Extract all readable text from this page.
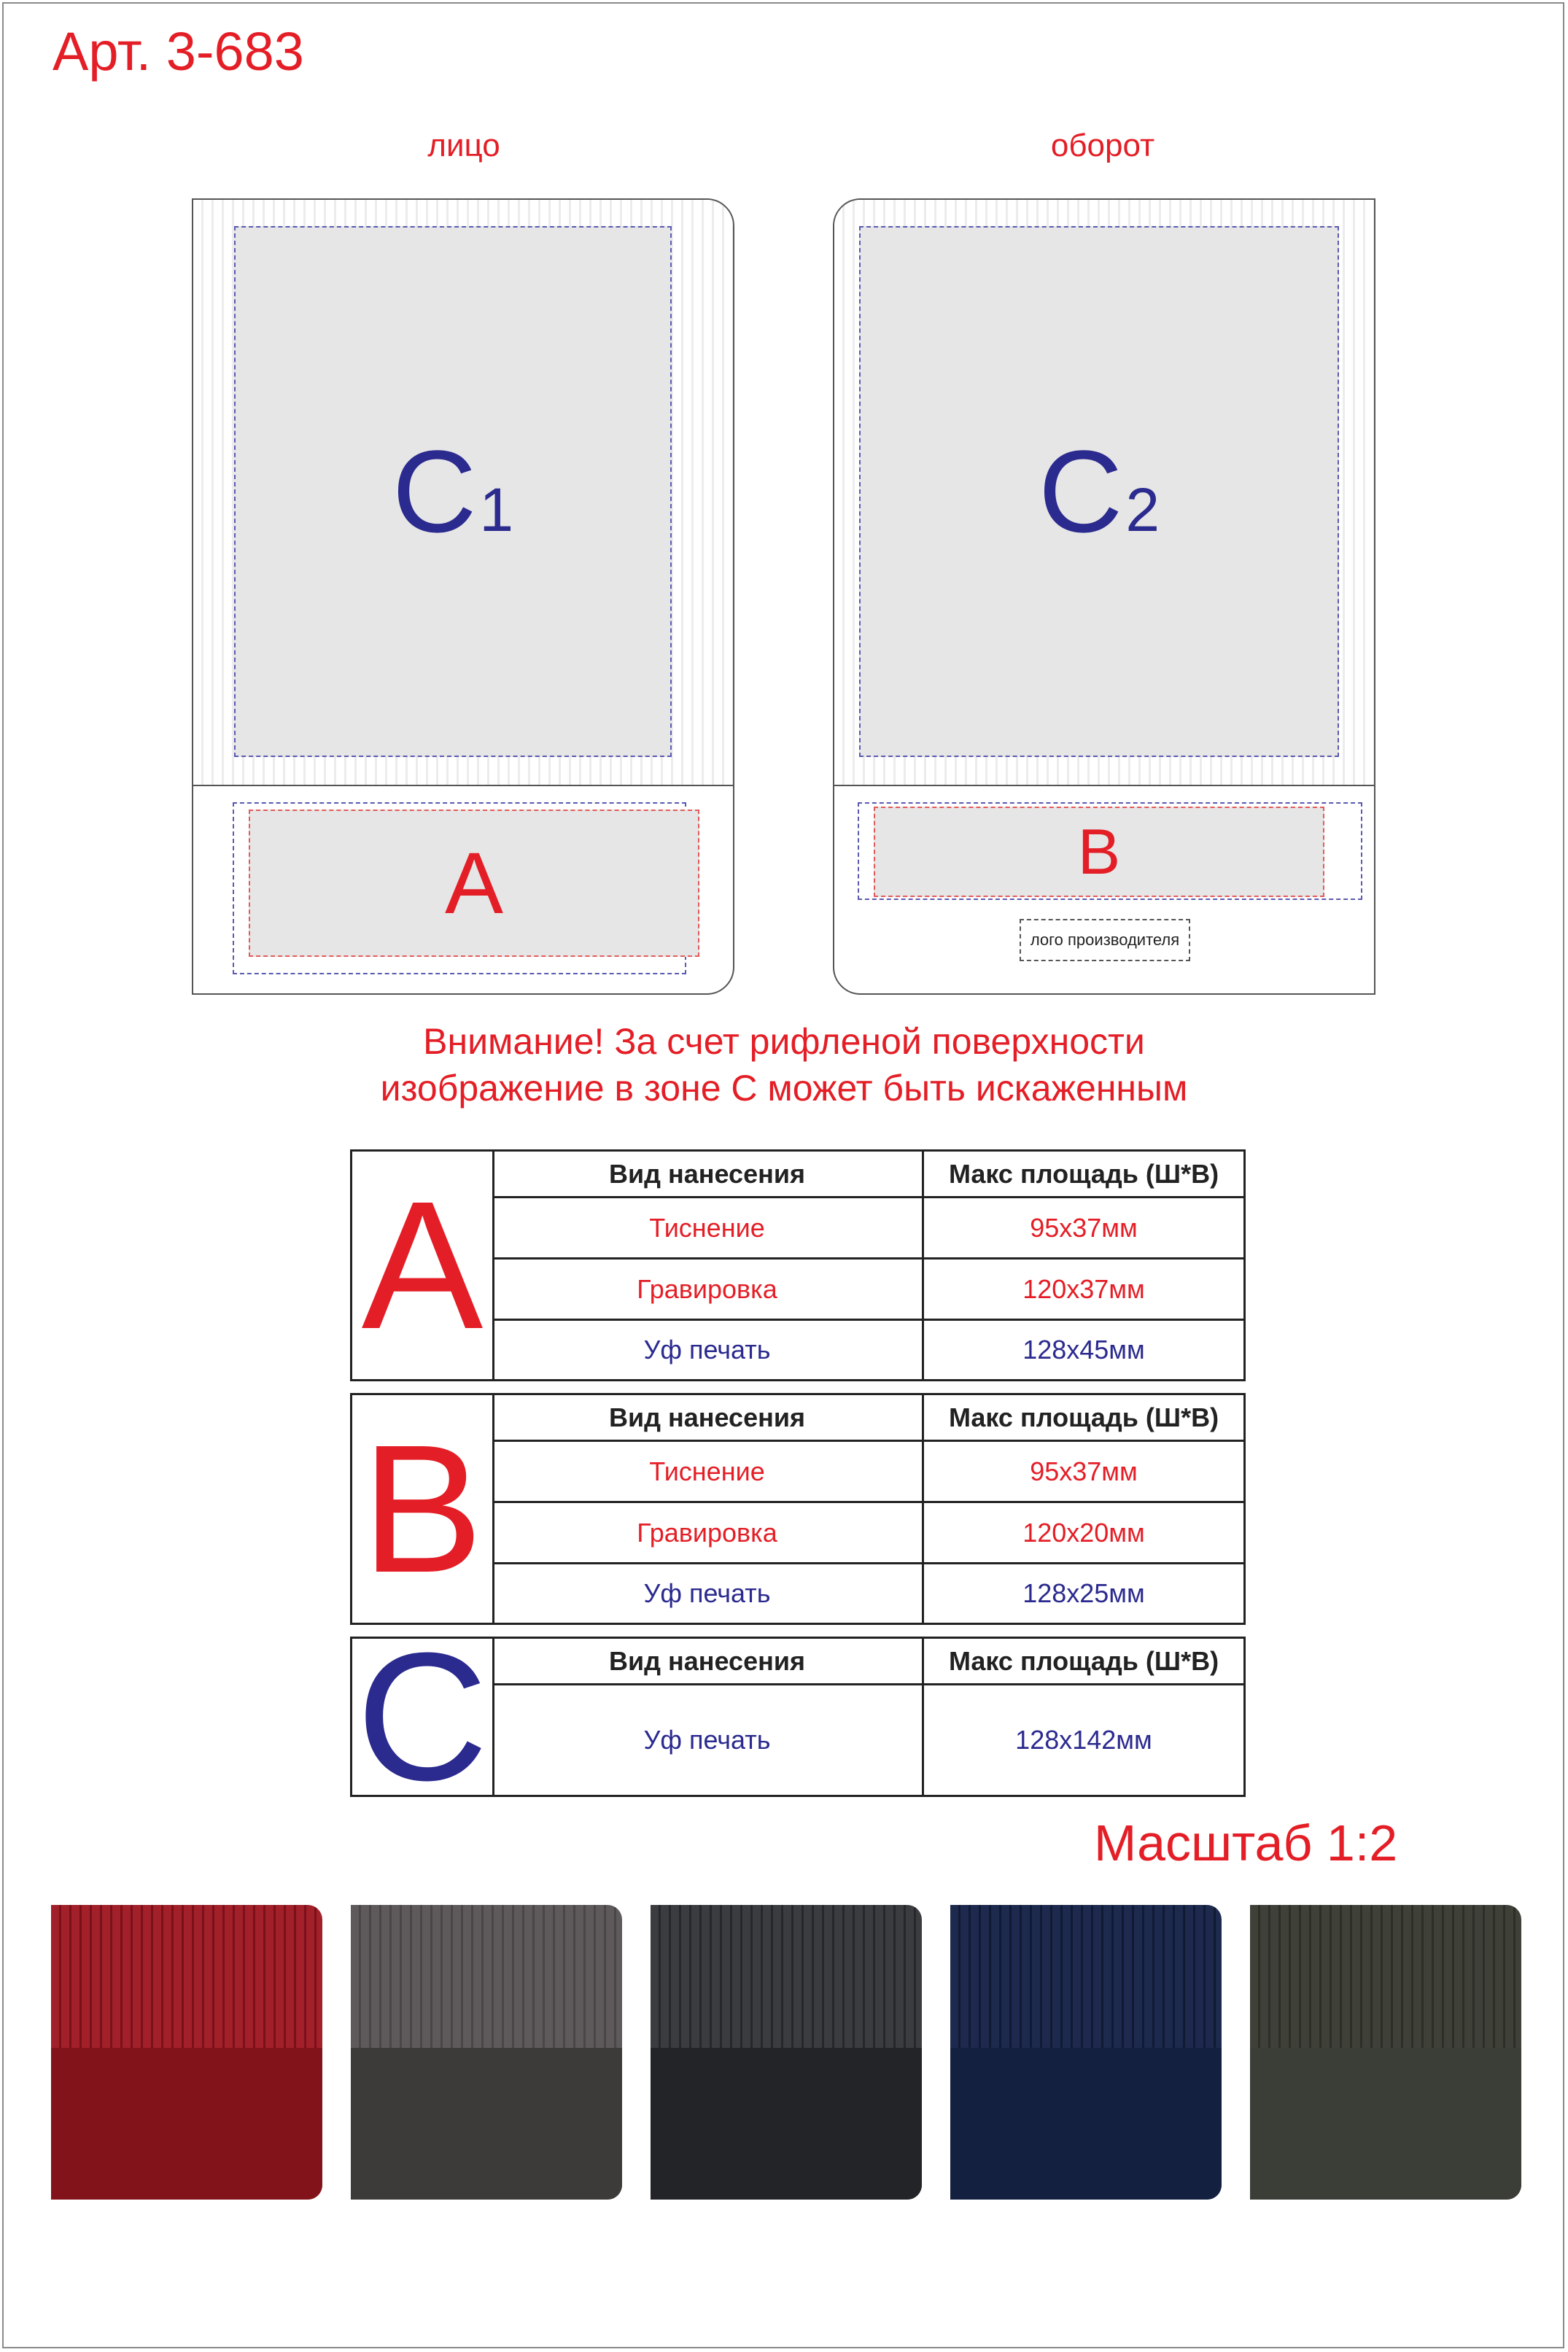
Арт. 3-683
лицо	оборот
C 1
A
C 2
B
лого производителя
Внимание! За счет рифленой поверхности
изображение в зоне С может быть искаженным
A	Вид нанесения	Макс площадь (Ш*В)
Тиснение	95x37мм
Гравировка	120x37мм
Уф печать	128x45мм
B	Вид нанесения	Макс площадь (Ш*В)
Тиснение	95x37мм
Гравировка	120x20мм
Уф печать	128x25мм
C	Вид нанесения	Макс площадь (Ш*В)
Уф печать	128x142мм
Масштаб 1:2
